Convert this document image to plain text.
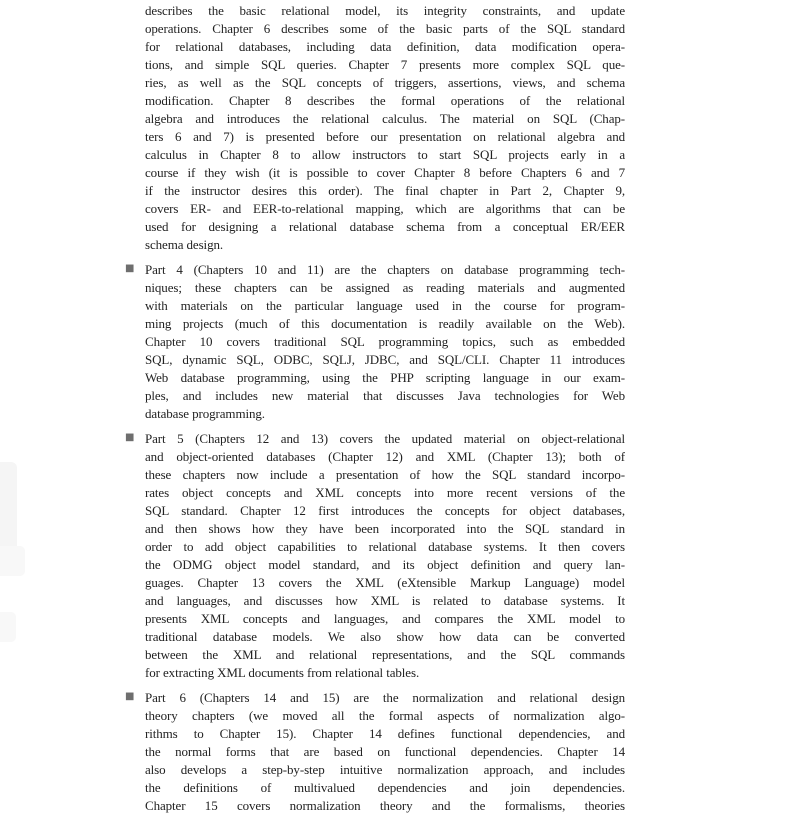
describes the basic relational model, its integrity constraints, and update
operations. Chapter 6 describes some of the basic parts of the SQL standard
for relational databases, including data definition, data modification opera-
tions, and simple SQL queries. Chapter 7 presents more complex SQL que-
ries, as well as the SQL concepts of triggers, assertions, views, and schema
modification. Chapter 8 describes the formal operations of the relational
algebra and introduces the relational calculus. The material on SQL (Chap-
ters 6 and 7) is presented before our presentation on relational algebra and
calculus in Chapter 8 to allow instructors to start SQL projects early in a
course if they wish (it is possible to cover Chapter 8 before Chapters 6 and 7
if the instructor desires this order). The final chapter in Part 2, Chapter 9,
covers ER- and EER-to-relational mapping, which are algorithms that can be
used for designing a relational database schema from a conceptual ER/EER
schema design.
■ Part 4 (Chapters 10 and 11) are the chapters on database programming tech-
niques; these chapters can be assigned as reading materials and augmented
with materials on the particular language used in the course for program-
ming projects (much of this documentation is readily available on the Web).
Chapter 10 covers traditional SQL programming topics, such as embedded
SQL, dynamic SQL, ODBC, SQLJ, JDBC, and SQL/CLI. Chapter 11 introduces
Web database programming, using the PHP scripting language in our exam-
ples, and includes new material that discusses Java technologies for Web
database programming.
■ Part 5 (Chapters 12 and 13) covers the updated material on object-relational
and object-oriented databases (Chapter 12) and XML (Chapter 13); both of
these chapters now include a presentation of how the SQL standard incorpo-
rates object concepts and XML concepts into more recent versions of the
SQL standard. Chapter 12 first introduces the concepts for object databases,
and then shows how they have been incorporated into the SQL standard in
order to add object capabilities to relational database systems. It then covers
the ODMG object model standard, and its object definition and query lan-
guages. Chapter 13 covers the XML (eXtensible Markup Language) model
and languages, and discusses how XML is related to database systems. It
presents XML concepts and languages, and compares the XML model to
traditional database models. We also show how data can be converted
between the XML and relational representations, and the SQL commands
for extracting XML documents from relational tables.
■ Part 6 (Chapters 14 and 15) are the normalization and relational design
theory chapters (we moved all the formal aspects of normalization algo-
rithms to Chapter 15). Chapter 14 defines functional dependencies, and
the normal forms that are based on functional dependencies. Chapter 14
also develops a step-by-step intuitive normalization approach, and includes
the definitions of multivalued dependencies and join dependencies.
Chapter 15 covers normalization theory and the formalisms, theories
